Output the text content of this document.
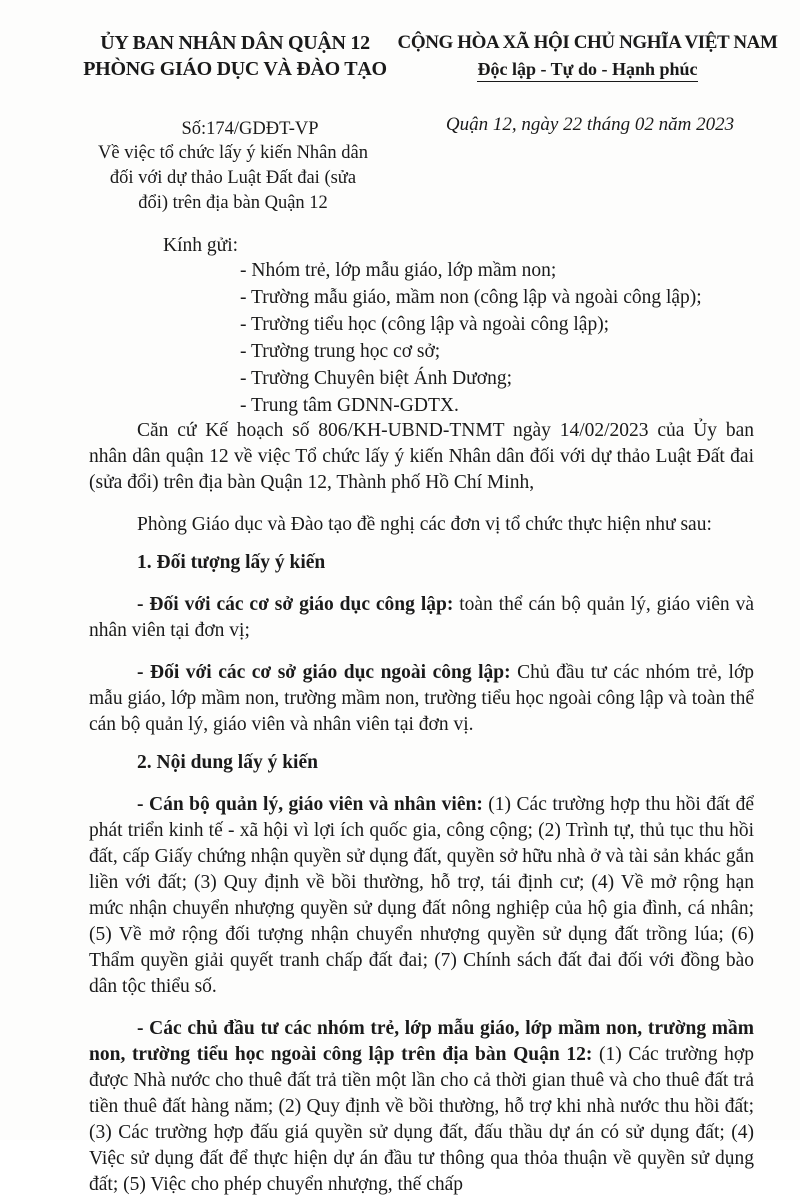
ỦY BAN NHÂN DÂN QUẬN 12
PHÒNG GIÁO DỤC VÀ ĐÀO TẠO
CỘNG HÒA XÃ HỘI CHỦ NGHĨA VIỆT NAM
Độc lập - Tự do - Hạnh phúc
Số:174/GDĐT-VP
Về việc tổ chức lấy ý kiến Nhân dân
đối với dự thảo Luật Đất đai (sửa
đổi) trên địa bàn Quận 12
Quận 12, ngày 22 tháng 02 năm 2023
Kính gửi:
- Nhóm trẻ, lớp mẫu giáo, lớp mầm non;
- Trường mẫu giáo, mầm non (công lập và ngoài công lập);
- Trường tiểu học (công lập và ngoài công lập);
- Trường trung học cơ sở;
- Trường Chuyên biệt Ánh Dương;
- Trung tâm GDNN-GDTX.

Căn cứ Kế hoạch số 806/KH-UBND-TNMT ngày 14/02/2023 của Ủy ban nhân dân quận 12 về việc Tổ chức lấy ý kiến Nhân dân đối với dự thảo Luật Đất đai (sửa đổi) trên địa bàn Quận 12, Thành phố Hồ Chí Minh,

Phòng Giáo dục và Đào tạo đề nghị các đơn vị tổ chức thực hiện như sau:

1. Đối tượng lấy ý kiến

- Đối với các cơ sở giáo dục công lập: toàn thể cán bộ quản lý, giáo viên và nhân viên tại đơn vị;

- Đối với các cơ sở giáo dục ngoài công lập: Chủ đầu tư các nhóm trẻ, lớp mẫu giáo, lớp mầm non, trường mầm non, trường tiểu học ngoài công lập và toàn thể cán bộ quản lý, giáo viên và nhân viên tại đơn vị.

2. Nội dung lấy ý kiến

- Cán bộ quản lý, giáo viên và nhân viên: (1) Các trường hợp thu hồi đất để phát triển kinh tế - xã hội vì lợi ích quốc gia, công cộng; (2) Trình tự, thủ tục thu hồi đất, cấp Giấy chứng nhận quyền sử dụng đất, quyền sở hữu nhà ở và tài sản khác gắn liền với đất; (3) Quy định về bồi thường, hỗ trợ, tái định cư; (4) Về mở rộng hạn mức nhận chuyển nhượng quyền sử dụng đất nông nghiệp của hộ gia đình, cá nhân; (5) Về mở rộng đối tượng nhận chuyển nhượng quyền sử dụng đất trồng lúa; (6) Thẩm quyền giải quyết tranh chấp đất đai; (7) Chính sách đất đai đối với đồng bào dân tộc thiểu số.

- Các chủ đầu tư các nhóm trẻ, lớp mẫu giáo, lớp mầm non, trường mầm non, trường tiểu học ngoài công lập trên địa bàn Quận 12: (1) Các trường hợp được Nhà nước cho thuê đất trả tiền một lần cho cả thời gian thuê và cho thuê đất trả tiền thuê đất hàng năm; (2) Quy định về bồi thường, hỗ trợ khi nhà nước thu hồi đất; (3) Các trường hợp đấu giá quyền sử dụng đất, đấu thầu dự án có sử dụng đất; (4) Việc sử dụng đất để thực hiện dự án đầu tư thông qua thỏa thuận về quyền sử dụng đất; (5) Việc cho phép chuyển nhượng, thế chấp
